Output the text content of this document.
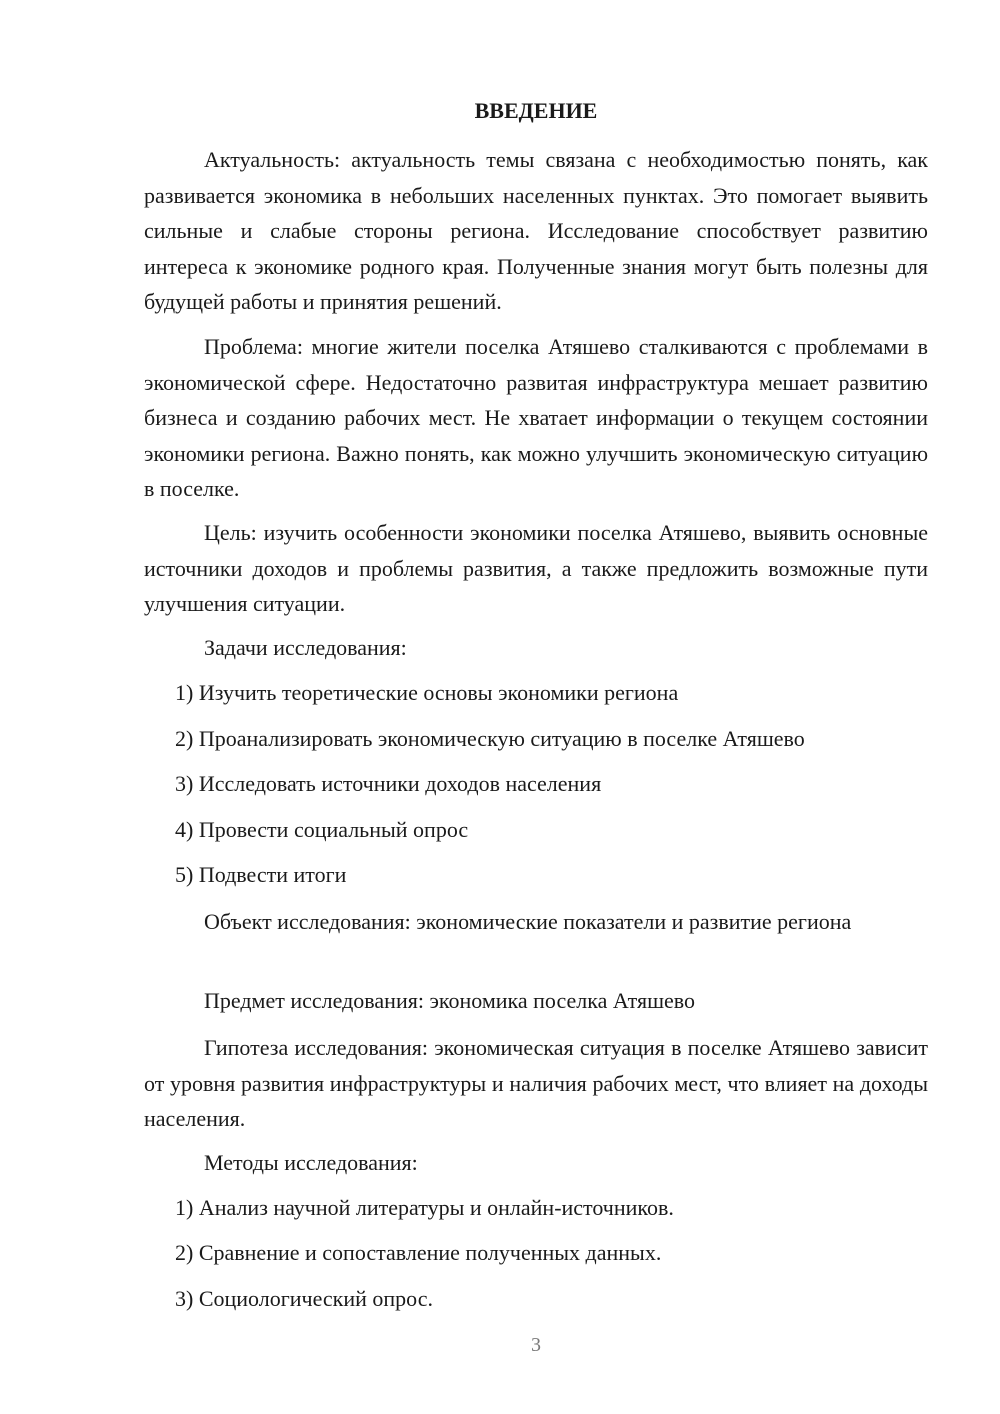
ВВЕДЕНИЕ

Актуальность: актуальность темы связана с необходимостью понять, как развивается экономика в небольших населенных пунктах. Это помогает выявить сильные и слабые стороны региона. Исследование способствует развитию интереса к экономике родного края. Полученные знания могут быть полезны для будущей работы и принятия решений.

Проблема: многие жители поселка Атяшево сталкиваются с проблемами в экономической сфере. Недостаточно развитая инфраструктура мешает развитию бизнеса и созданию рабочих мест. Не хватает информации о текущем состоянии экономики региона. Важно понять, как можно улучшить экономическую ситуацию в поселке.

Цель: изучить особенности экономики поселка Атяшево, выявить основные источники доходов и проблемы развития, а также предложить возможные пути улучшения ситуации.

Задачи исследования:
1) Изучить теоретические основы экономики региона
2) Проанализировать экономическую ситуацию в поселке Атяшево
3) Исследовать источники доходов населения
4) Провести социальный опрос
5) Подвести итоги

Объект исследования: экономические показатели и развитие региона

Предмет исследования: экономика поселка Атяшево

Гипотеза исследования: экономическая ситуация в поселке Атяшево зависит от уровня развития инфраструктуры и наличия рабочих мест, что влияет на доходы населения.

Методы исследования:
1) Анализ научной литературы и онлайн-источников.
2) Сравнение и сопоставление полученных данных.
3) Социологический опрос.
3
